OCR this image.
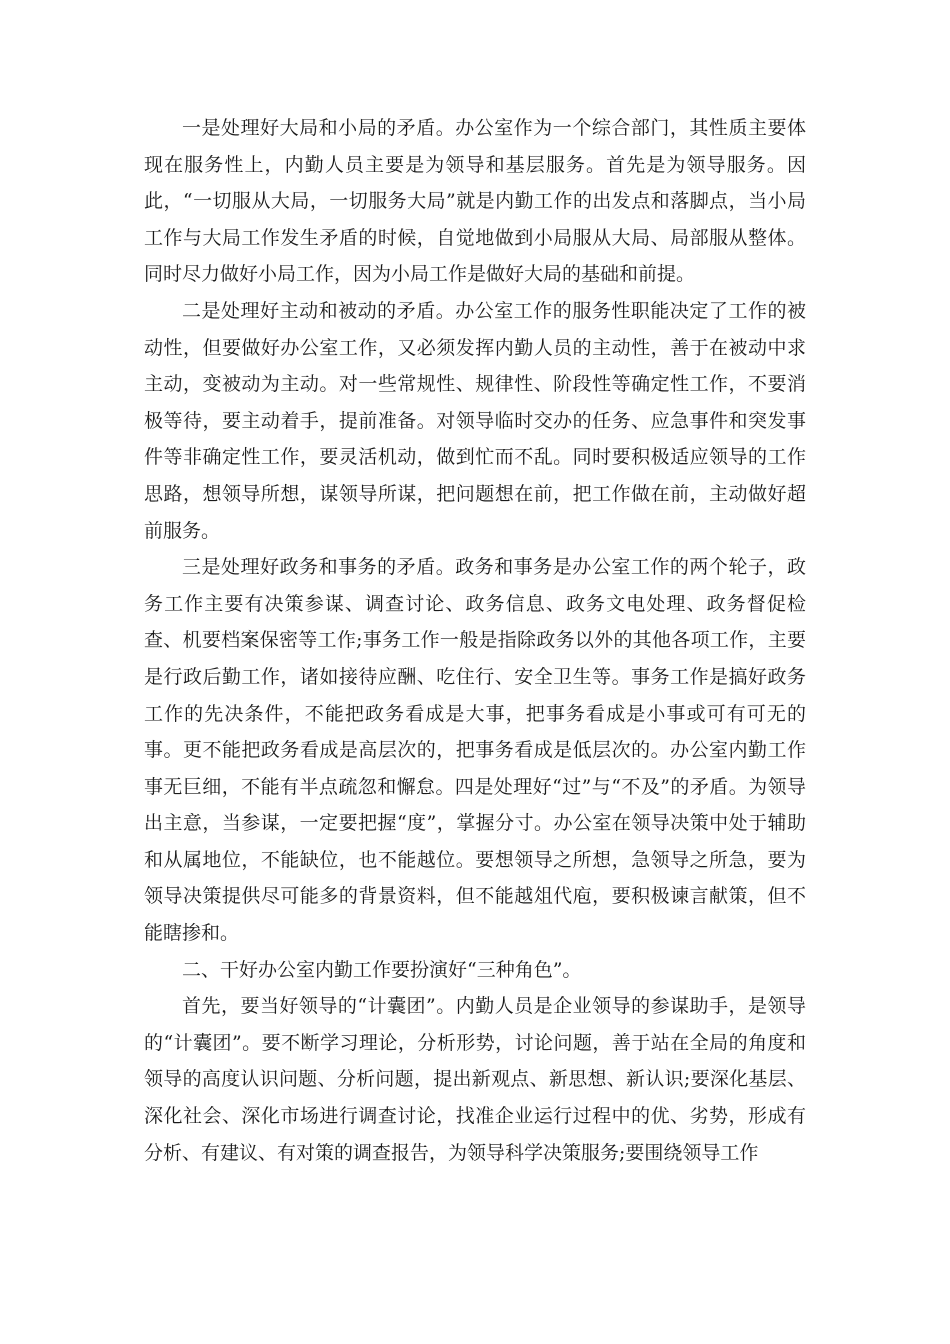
一是处理好大局和小局的矛盾。办公室作为一个综合部门，其性质主要体现在服务性上，内勤人员主要是为领导和基层服务。首先是为领导服务。因此，“一切服从大局，一切服务大局”就是内勤工作的出发点和落脚点，当小局工作与大局工作发生矛盾的时候，自觉地做到小局服从大局、局部服从整体。同时尽力做好小局工作，因为小局工作是做好大局的基础和前提。

二是处理好主动和被动的矛盾。办公室工作的服务性职能决定了工作的被动性，但要做好办公室工作，又必须发挥内勤人员的主动性，善于在被动中求主动，变被动为主动。对一些常规性、规律性、阶段性等确定性工作，不要消极等待，要主动着手，提前准备。对领导临时交办的任务、应急事件和突发事件等非确定性工作，要灵活机动，做到忙而不乱。同时要积极适应领导的工作思路，想领导所想，谋领导所谋，把问题想在前，把工作做在前，主动做好超前服务。

三是处理好政务和事务的矛盾。政务和事务是办公室工作的两个轮子，政务工作主要有决策参谋、调查讨论、政务信息、政务文电处理、政务督促检查、机要档案保密等工作;事务工作一般是指除政务以外的其他各项工作，主要是行政后勤工作，诸如接待应酬、吃住行、安全卫生等。事务工作是搞好政务工作的先决条件，不能把政务看成是大事，把事务看成是小事或可有可无的事。更不能把政务看成是高层次的，把事务看成是低层次的。办公室内勤工作事无巨细，不能有半点疏忽和懈怠。四是处理好“过”与“不及”的矛盾。为领导出主意，当参谋，一定要把握“度”，掌握分寸。办公室在领导决策中处于辅助和从属地位，不能缺位，也不能越位。要想领导之所想，急领导之所急，要为领导决策提供尽可能多的背景资料，但不能越俎代庖，要积极谏言献策，但不能瞎掺和。

二、干好办公室内勤工作要扮演好“三种角色”。

首先，要当好领导的“计囊团”。内勤人员是企业领导的参谋助手，是领导的“计囊团”。要不断学习理论，分析形势，讨论问题，善于站在全局的角度和领导的高度认识问题、分析问题，提出新观点、新思想、新认识;要深化基层、深化社会、深化市场进行调查讨论，找准企业运行过程中的优、劣势，形成有分析、有建议、有对策的调查报告，为领导科学决策服务;要围绕领导工作
